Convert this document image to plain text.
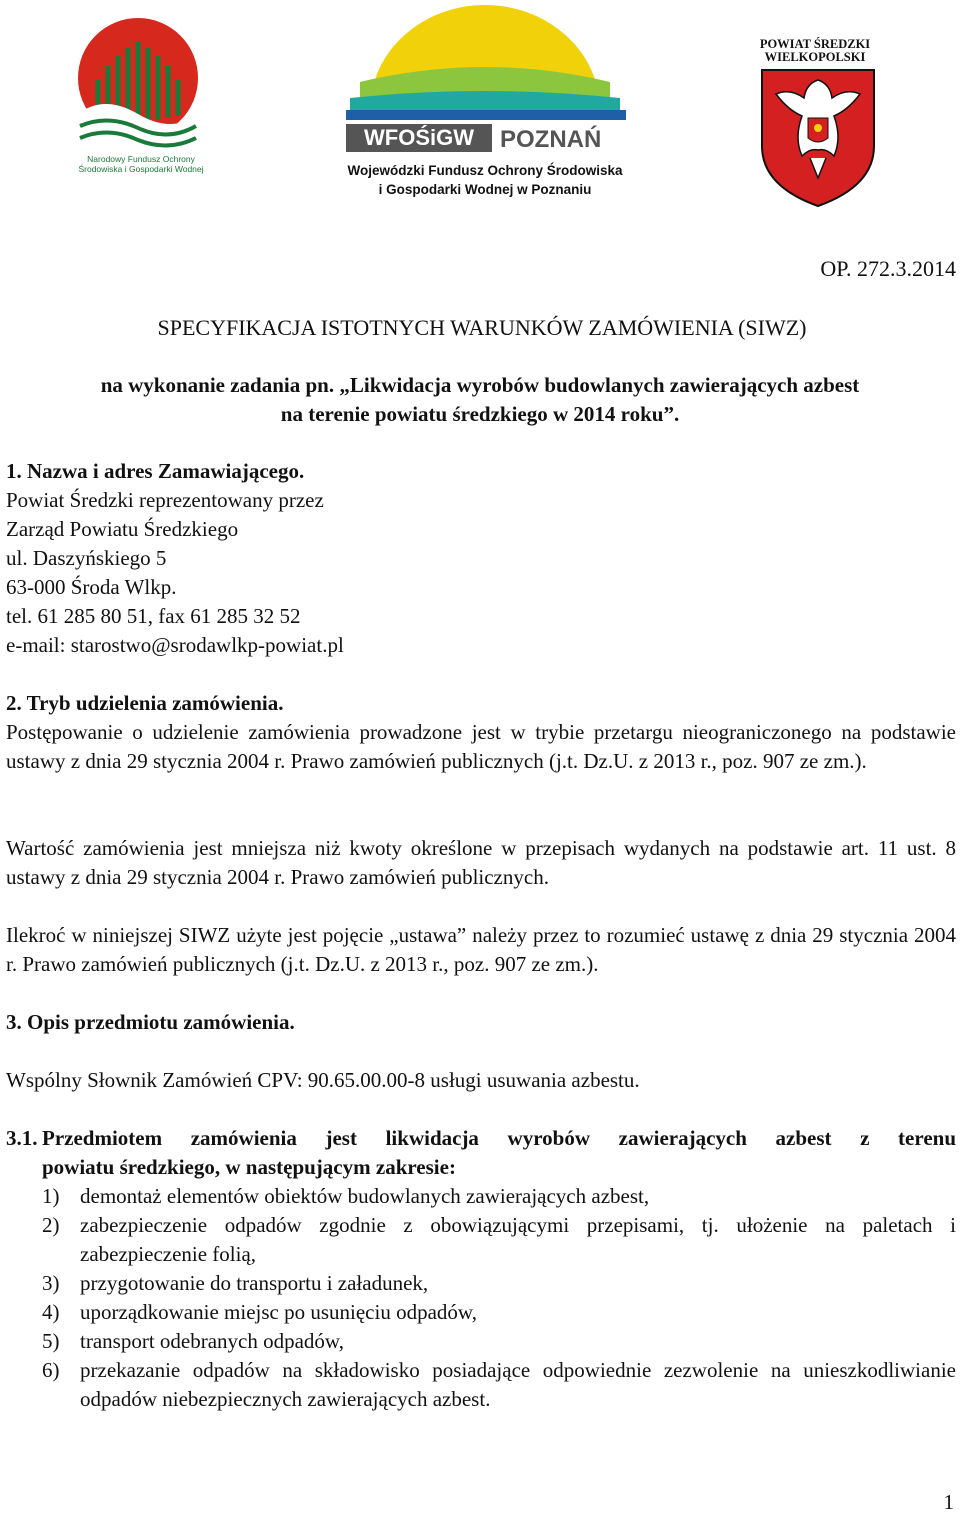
Narodowy Fundusz Ochrony Środowiska i Gospodarki Wodnej
WFOŚiGW POZNAŃ
Wojewódzki Fundusz Ochrony Środowiska
i Gospodarki Wodnej w Poznaniu
POWIAT ŚREDZKI
WIELKOPOLSKI
OP. 272.3.2014
SPECYFIKACJA ISTOTNYCH WARUNKÓW ZAMÓWIENIA (SIWZ)
na wykonanie zadania pn. „Likwidacja wyrobów budowlanych zawierających azbest
na terenie powiatu średzkiego w 2014 roku”.
1. Nazwa i adres Zamawiającego.
Powiat Średzki reprezentowany przez
Zarząd Powiatu Średzkiego
ul. Daszyńskiego 5
63-000 Środa Wlkp.
tel. 61 285 80 51, fax 61 285 32 52
e-mail: starostwo@srodawlkp-powiat.pl
2. Tryb udzielenia zamówienia.
Postępowanie o udzielenie zamówienia prowadzone jest w trybie przetargu nieograniczonego na podstawie ustawy z dnia 29 stycznia 2004 r. Prawo zamówień publicznych (j.t. Dz.U. z 2013 r., poz. 907 ze zm.).
Wartość zamówienia jest mniejsza niż kwoty określone w przepisach wydanych na podstawie art. 11 ust. 8 ustawy z dnia 29 stycznia 2004 r. Prawo zamówień publicznych.
Ilekroć w niniejszej SIWZ użyte jest pojęcie „ustawa” należy przez to rozumieć ustawę z dnia 29 stycznia 2004 r. Prawo zamówień publicznych (j.t. Dz.U. z 2013 r., poz. 907 ze zm.).
3. Opis przedmiotu zamówienia.
Wspólny Słownik Zamówień CPV: 90.65.00.00-8 usługi usuwania azbestu.
3.1. Przedmiotem zamówienia jest likwidacja wyrobów zawierających azbest z terenu
powiatu średzkiego, w następującym zakresie:
1) demontaż elementów obiektów budowlanych zawierających azbest,
2) zabezpieczenie odpadów zgodnie z obowiązującymi przepisami, tj. ułożenie na paletach i zabezpieczenie folią,
3) przygotowanie do transportu i załadunek,
4) uporządkowanie miejsc po usunięciu odpadów,
5) transport odebranych odpadów,
6) przekazanie odpadów na składowisko posiadające odpowiednie zezwolenie na unieszkodliwianie odpadów niebezpiecznych zawierających azbest.
1
